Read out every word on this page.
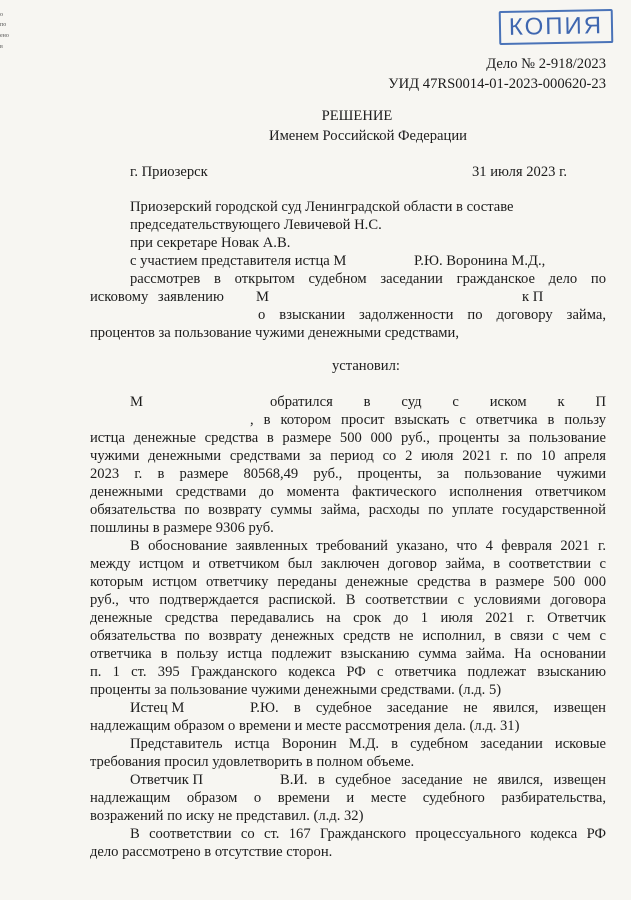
о
по
ено
в
КОПИЯ
Дело № 2-918/2023
УИД 47RS0014-01-2023-000620-23
РЕШЕНИЕ
Именем Российской Федерации
г. Приозерск	31 июля 2023 г.
Приозерский городской суд Ленинградской области в составе
председательствующего Левичевой Н.С.
при секретаре Новак А.В.
с участием представителя истца М	Р.Ю. Воронина М.Д.,
рассмотрев в открытом судебном заседании гражданское дело по
исковому заявлению М	к П
о взыскании задолженности по договору займа,
процентов за пользование чужими денежными средствами,
установил:
М	обратился в суд с иском к П
, в котором просит взыскать с ответчика в пользу
истца денежные средства в размере 500 000 руб., проценты за пользование
чужими денежными средствами за период со 2 июля 2021 г. по 10 апреля
2023 г. в размере 80568,49 руб., проценты, за пользование чужими
денежными средствами до момента фактического исполнения ответчиком
обязательства по возврату суммы займа, расходы по уплате государственной
пошлины в размере 9306 руб.
В обоснование заявленных требований указано, что 4 февраля 2021 г.
между истцом и ответчиком был заключен договор займа, в соответствии с
которым истцом ответчику переданы денежные средства в размере 500 000
руб., что подтверждается распиской. В соответствии с условиями договора
денежные средства передавались на срок до 1 июля 2021 г. Ответчик
обязательства по возврату денежных средств не исполнил, в связи с чем с
ответчика в пользу истца подлежит взысканию сумма займа. На основании
п. 1 ст. 395 Гражданского кодекса РФ с ответчика подлежат взысканию
проценты за пользование чужими денежными средствами. (л.д. 5)
Истец М	Р.Ю. в судебное заседание не явился, извещен
надлежащим образом о времени и месте рассмотрения дела. (л.д. 31)
Представитель истца Воронин М.Д. в судебном заседании исковые
требования просил удовлетворить в полном объеме.
Ответчик П	В.И. в судебное заседание не явился, извещен
надлежащим образом о времени и месте судебного разбирательства,
возражений по иску не представил. (л.д. 32)
В соответствии со ст. 167 Гражданского процессуального кодекса РФ
дело рассмотрено в отсутствие сторон.
